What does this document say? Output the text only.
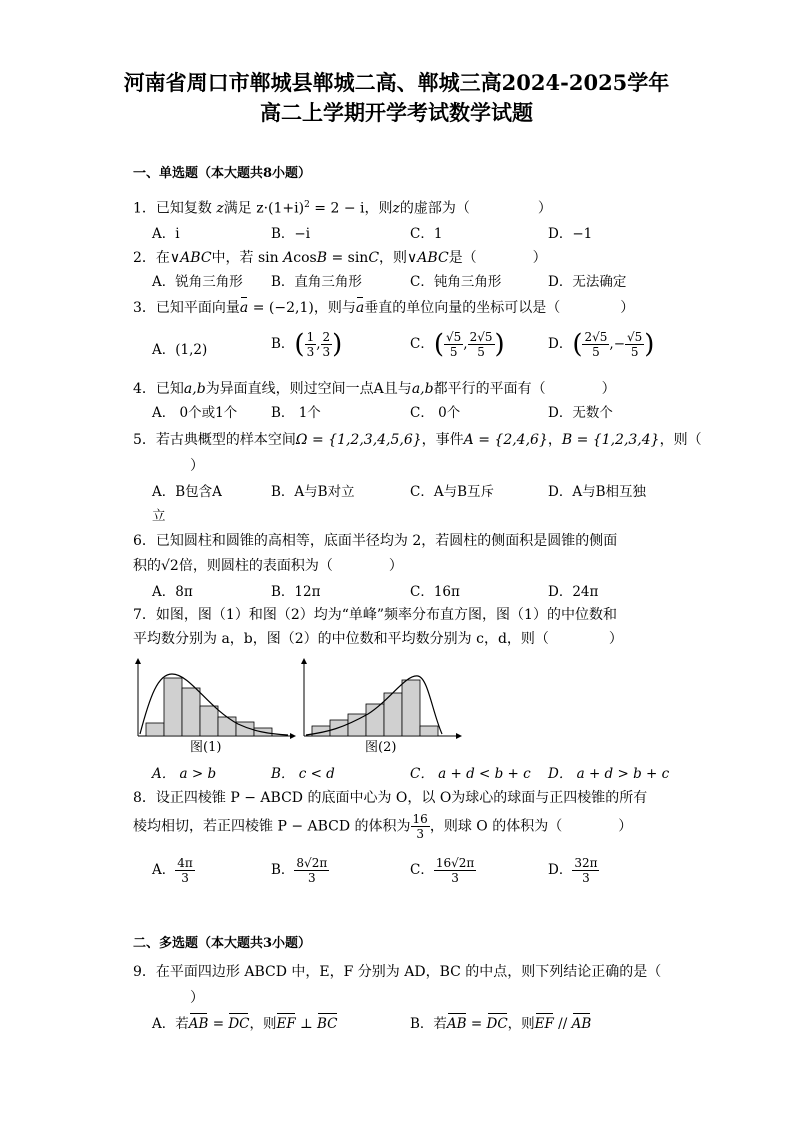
河南省周口市郸城县郸城二高、郸城三高2024-2025学年
高二上学期开学考试数学试题
一、单选题（本大题共8小题）
1．已知复数 z满足 $z\cdot(1+i)^2 = 2 - i$，则z的虚部为（	）
A．i	B．−i	C．1	D．−1
2．在∨ABC中，若 sin AcosB = sinC，则∨ABC是（	）
A．锐角三角形 B．直角三角形	C．钝角三角形	D．无法确定
3．已知平面向量a = (−2,1)，则与a垂直的单位向量的坐标可以是（	）
A．(1,2)	B．( $\frac{1}{3}$ , $\frac{2}{3}$ )	C．( $\frac{√5}{5}$ , $\frac{2√5}{5}$ )	D．( $\frac{2√5}{5}$ ,− $\frac{√5}{5}$ )
4．已知a,b为异面直线，则过空间一点A且与a,b都平行的平面有（	）
A． 0个或1个	B． 1个	C． 0个	D．无数个
5．若古典概型的样本空间Ω = {1,2,3,4,5,6}，事件A = {2,4,6}，B = {1,2,3,4}，则（
）
A．B包含A	B．A与B对立	C．A与B互斥	D．A与B相互独
立
6．已知圆柱和圆锥的高相等，底面半径均为 2，若圆柱的侧面积是圆锥的侧面
积的√2倍，则圆柱的表面积为（	）
A．8π	B．12π	C．16π	D．24π
7．如图，图（1）和图（2）均为“单峰”频率分布直方图，图（1）的中位数和
平均数分别为 a，b，图（2）的中位数和平均数分别为 c，d，则（	）
图(1)	图(2)
A． a > b	B． c < d	C． a + d < b + c D． a + d > b + c
8．设正四棱锥 P − ABCD 的底面中心为 O，以 O为球心的球面与正四棱锥的所有
棱均相切，若正四棱锥 P − ABCD 的体积为 $\frac{16}{3}$ ，则球 O 的体积为（	）
A． $\frac{4\pi}{3}$	B． $\frac{8√2\pi}{3}$	C． $\frac{16√2\pi}{3}$	D． $\frac{32\pi}{3}$
二、多选题（本大题共3小题）
9．在平面四边形 ABCD 中，E，F 分别为 AD，BC 的中点，则下列结论正确的是（
）
A．若AB = DC，则EF ⊥ BC	B．若AB = DC，则EF // AB
